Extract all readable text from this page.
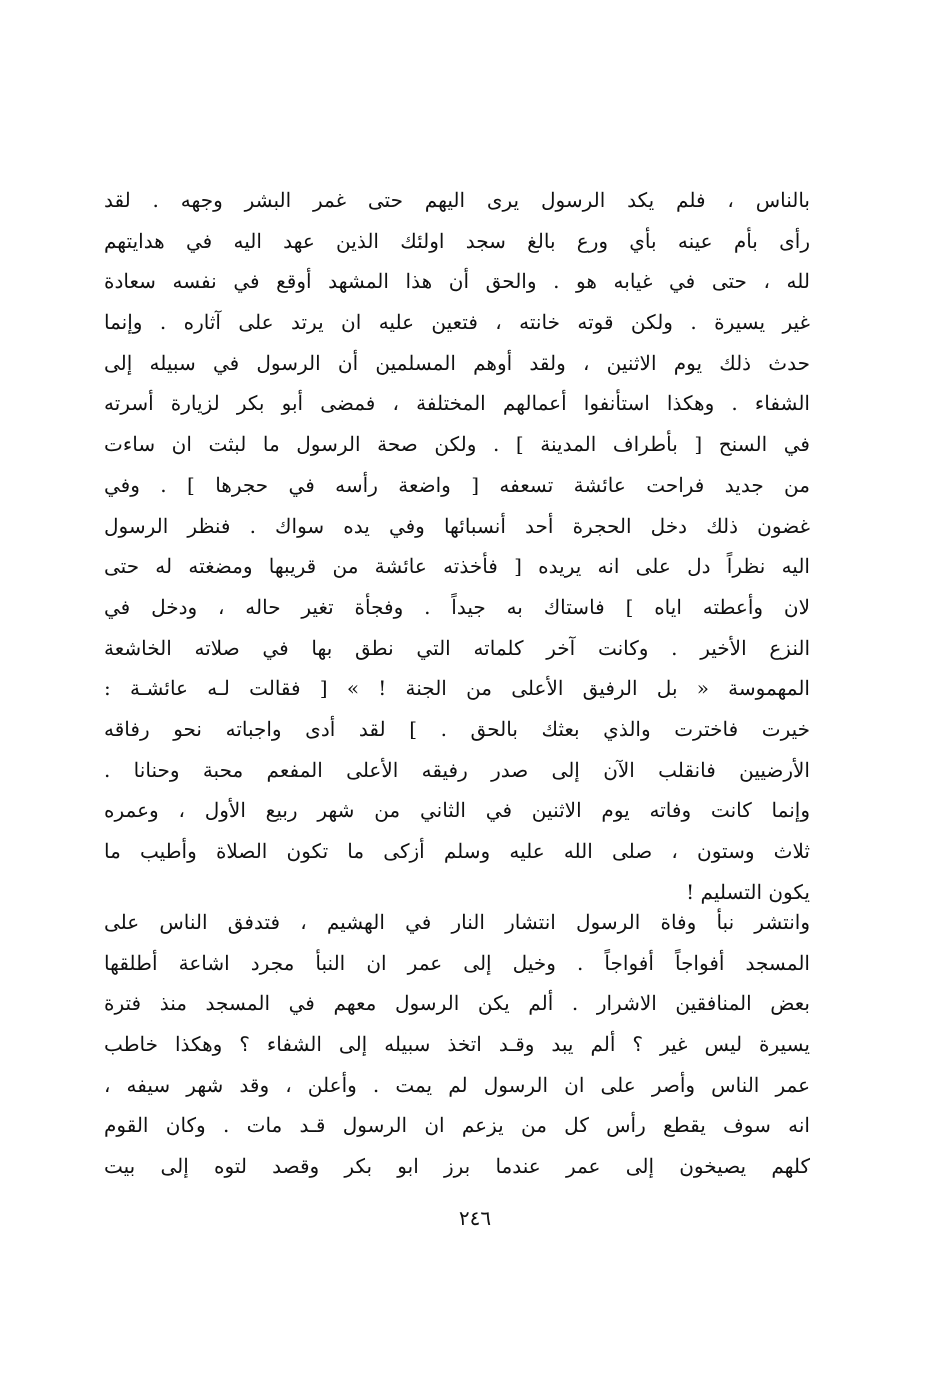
بالناس ، فلم يكد الرسول يرى اليهم حتى غمر البشر وجهه . لقد
رأى بأم عينه بأي ورع بالغ سجد اولئك الذين عهد اليه في هدايتهم
لله ، حتى في غيابه هو . والحق أن هذا المشهد أوقع في نفسه سعادة
غير يسيرة . ولكن قوته خانته ، فتعين عليه ان يرتد على آثاره . وإنما
حدث ذلك يوم الاثنين ، ولقد أوهم المسلمين أن الرسول في سبيله إلى
الشفاء . وهكذا استأنفوا أعمالهم المختلفة ، فمضى أبو بكر لزيارة أسرته
في السنح [ بأطراف المدينة ] . ولكن صحة الرسول ما لبثت ان ساءت
من جديد فراحت عائشة تسعفه [ واضعة رأسه في حجرها ] . وفي
غضون ذلك دخل الحجرة أحد أنسبائها وفي يده سواك . فنظر الرسول
اليه نظراً دل على انه يريده [ فأخذته عائشة من قريبها ومضغته له حتى
لان وأعطته اياه ] فاستاك به جيداً . وفجأة تغير حاله ، ودخل في
النزع الأخير . وكانت آخر كلماته التي نطق بها في صلاته الخاشعة
المهموسة « بل الرفيق الأعلى من الجنة ! » [ فقالت لـه عائشـة :
خيرت فاخترت والذي بعثك بالحق . ] لقد أدى واجباته نحو رفاقه
الأرضيين فانقلب الآن إلى صدر رفيقه الأعلى المفعم محبة وحنانا .
وإنما كانت وفاته يوم الاثنين في الثاني من شهر ربيع الأول ، وعمره
ثلاث وستون ، صلى الله عليه وسلم أزكى ما تكون الصلاة وأطيب ما
يكون التسليم !
وانتشر نبأ وفاة الرسول انتشار النار في الهشيم ، فتدفق الناس على
المسجد أفواجاً أفواجاً . وخيل إلى عمر ان النبأ مجرد اشاعة أطلقها
بعض المنافقين الاشرار . ألم يكن الرسول معهم في المسجد منذ فترة
يسيرة ليس غير ؟ ألم يبد وقـد اتخذ سبيله إلى الشفاء ؟ وهكذا خاطب
عمر الناس وأصر على ان الرسول لم يمت . وأعلن ، وقد شهر سيفه ،
انه سوف يقطع رأس كل من يزعم ان الرسول قـد مات . وكان القوم
كلهم يصيخون إلى عمر عندما برز ابو بكر وقصد لتوه إلى بيت
٢٤٦
